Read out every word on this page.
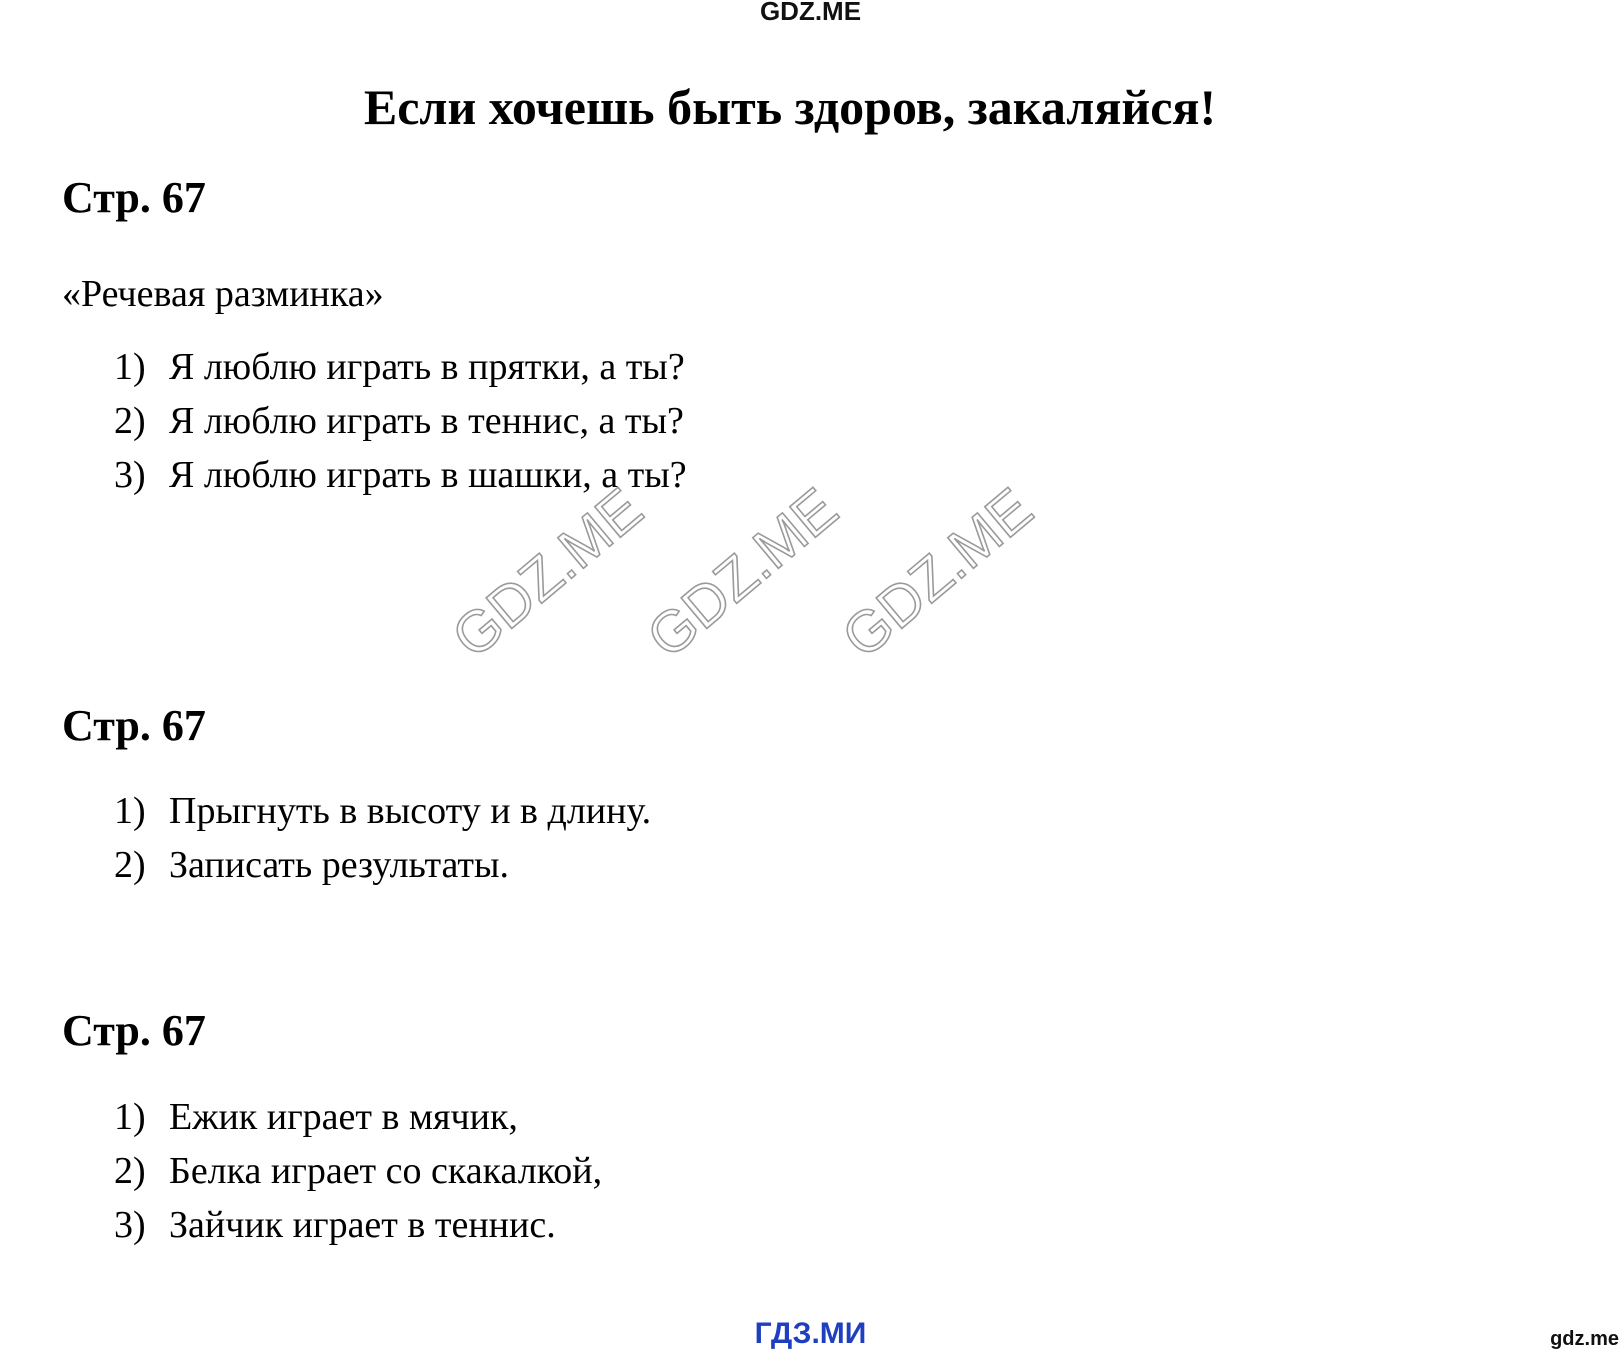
GDZ.ME
Если хочешь быть здоров, закаляйся!
Стр. 67
«Речевая разминка»
1) Я люблю играть в прятки, а ты?
2) Я люблю играть в теннис, а ты?
3) Я люблю играть в шашки, а ты?
GDZ.ME
GDZ.ME
GDZ.ME
Стр. 67
1) Прыгнуть в высоту и в длину.
2) Записать результаты.
Стр. 67
1) Ежик играет в мячик,
2) Белка играет со скакалкой,
3) Зайчик играет в теннис.
ГДЗ.МИ	gdz.me
